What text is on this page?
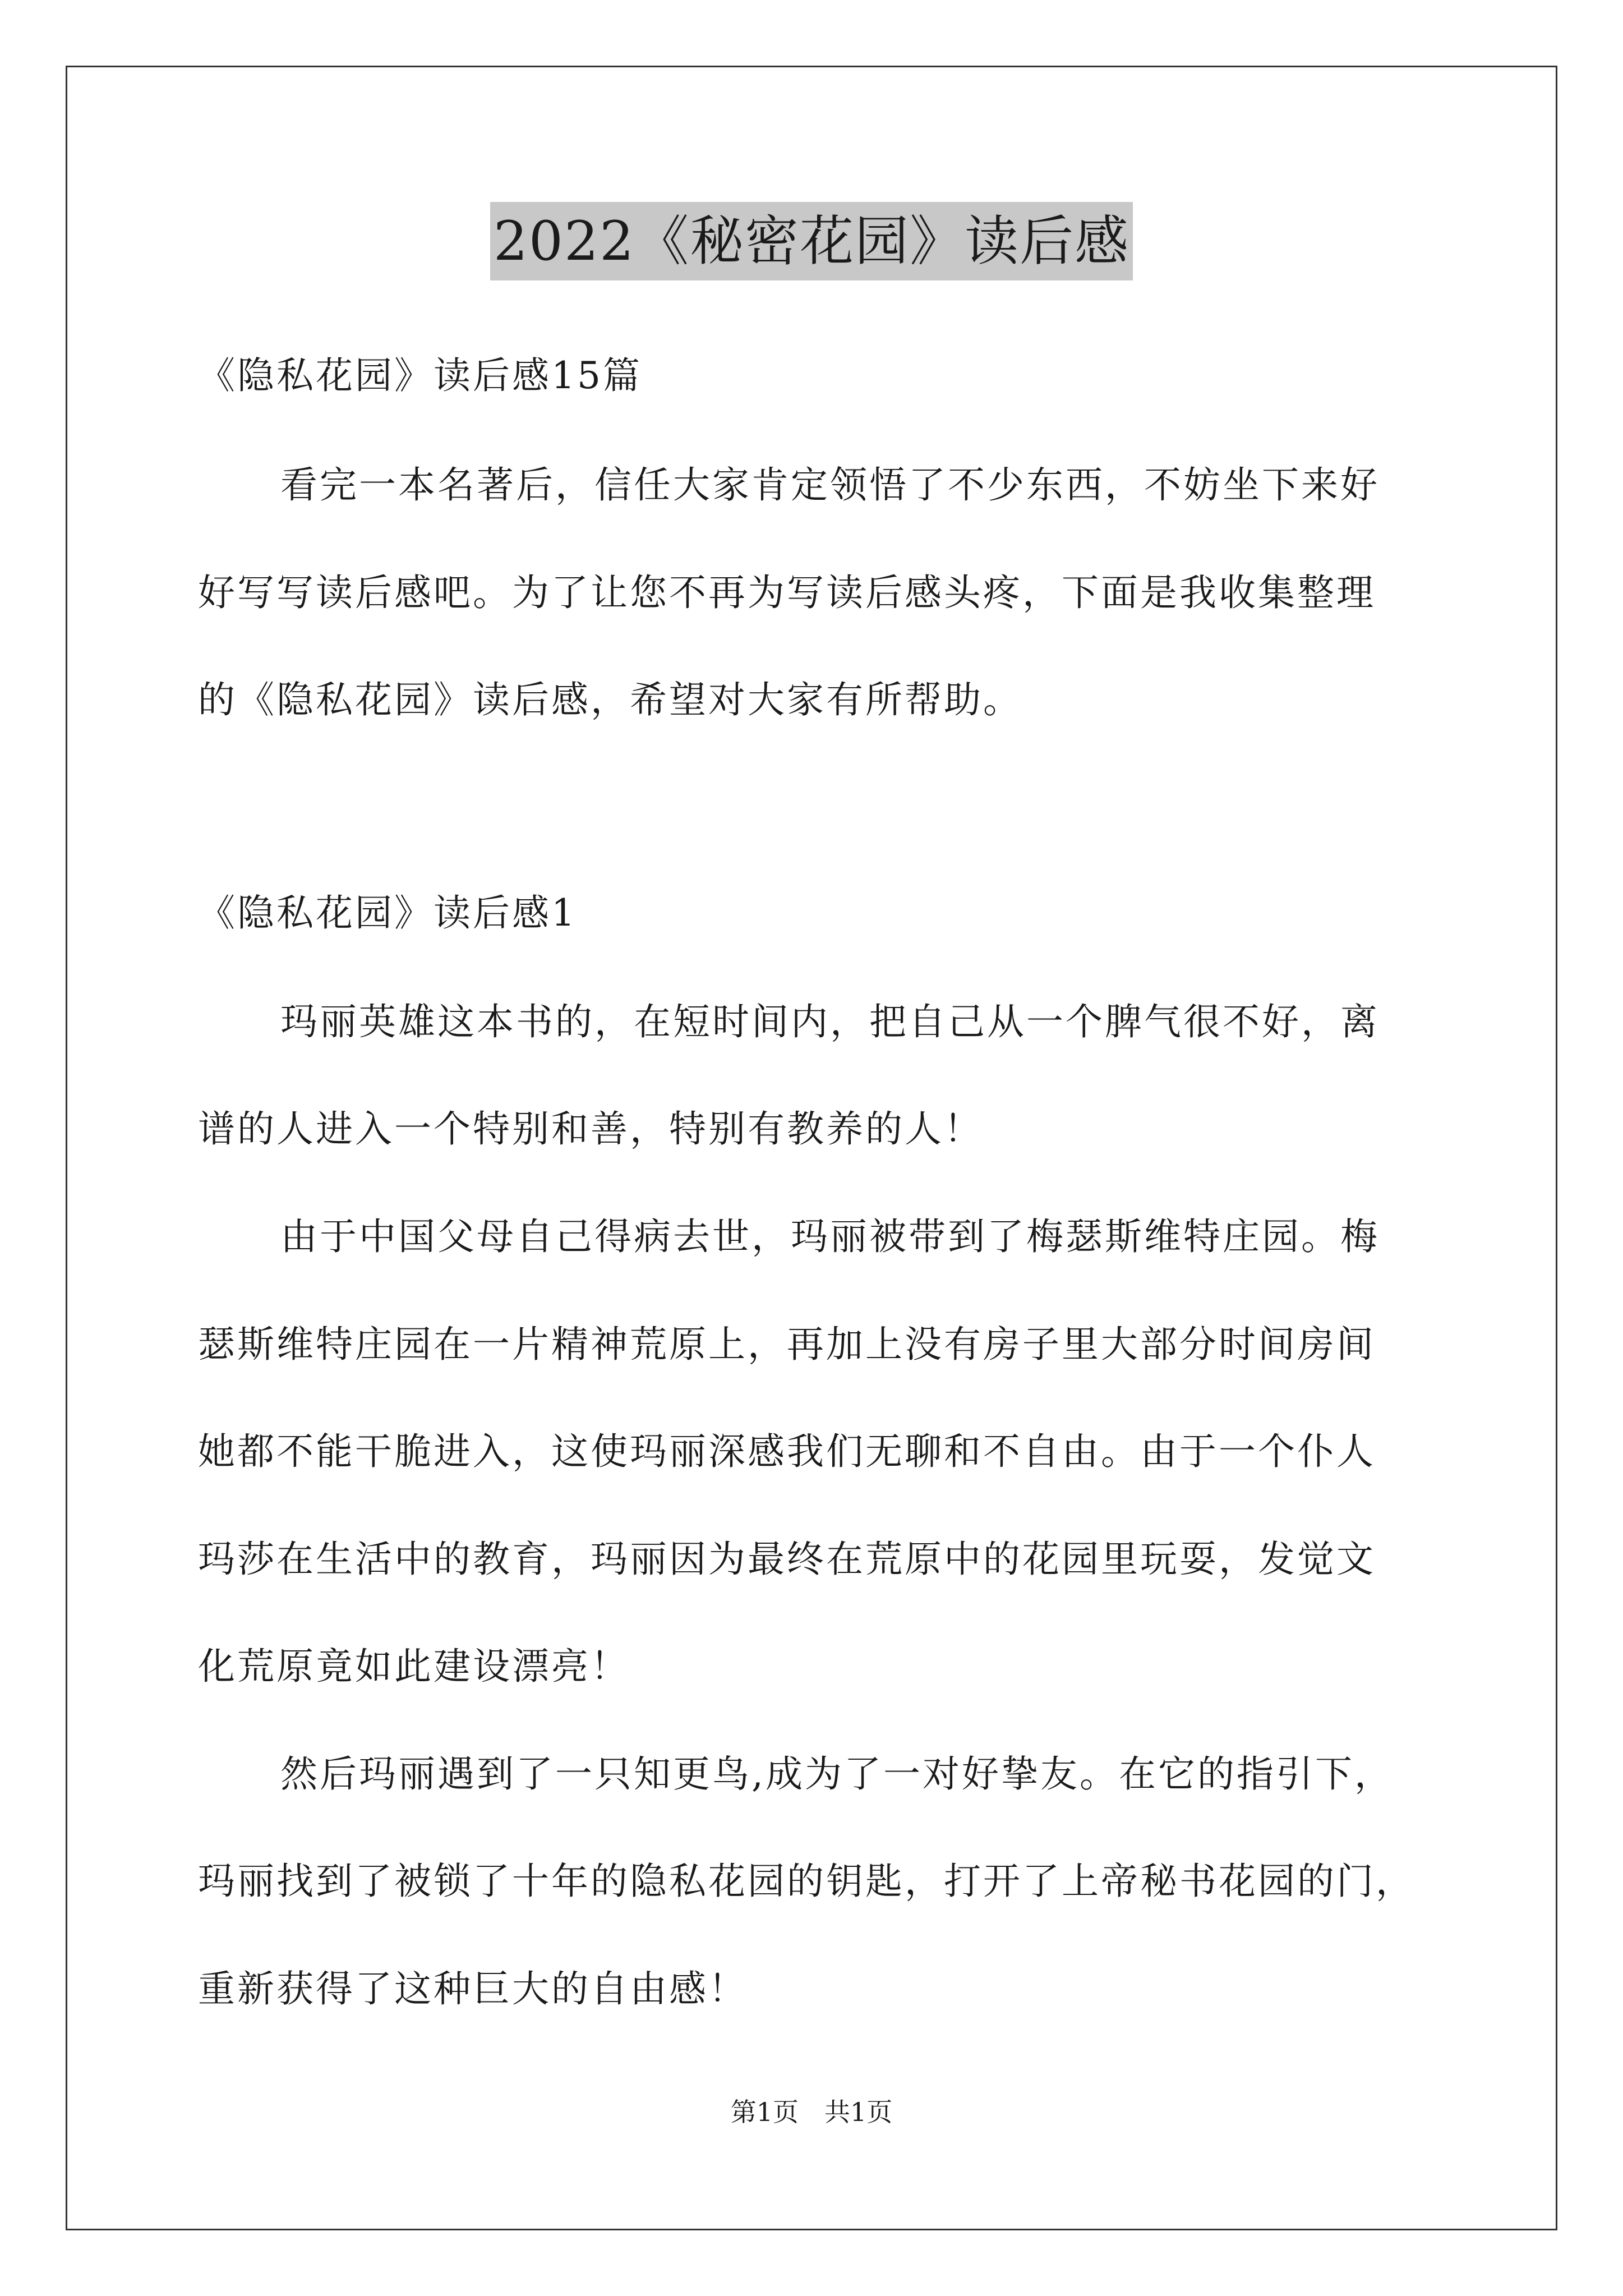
2022《秘密花园》读后感
《隐私花园》读后感15篇
看完一本名著后，信任大家肯定领悟了不少东西，不妨坐下来好
好写写读后感吧。为了让您不再为写读后感头疼，下面是我收集整理
的《隐私花园》读后感，希望对大家有所帮助。
《隐私花园》读后感1
玛丽英雄这本书的，在短时间内，把自己从一个脾气很不好，离
谱的人进入一个特别和善，特别有教养的人！
由于中国父母自己得病去世，玛丽被带到了梅瑟斯维特庄园。梅
瑟斯维特庄园在一片精神荒原上，再加上没有房子里大部分时间房间
她都不能干脆进入，这使玛丽深感我们无聊和不自由。由于一个仆人
玛莎在生活中的教育，玛丽因为最终在荒原中的花园里玩耍，发觉文
化荒原竟如此建设漂亮！
然后玛丽遇到了一只知更鸟,成为了一对好挚友。在它的指引下，
玛丽找到了被锁了十年的隐私花园的钥匙，打开了上帝秘书花园的门，
重新获得了这种巨大的自由感！
第1页　共1页
